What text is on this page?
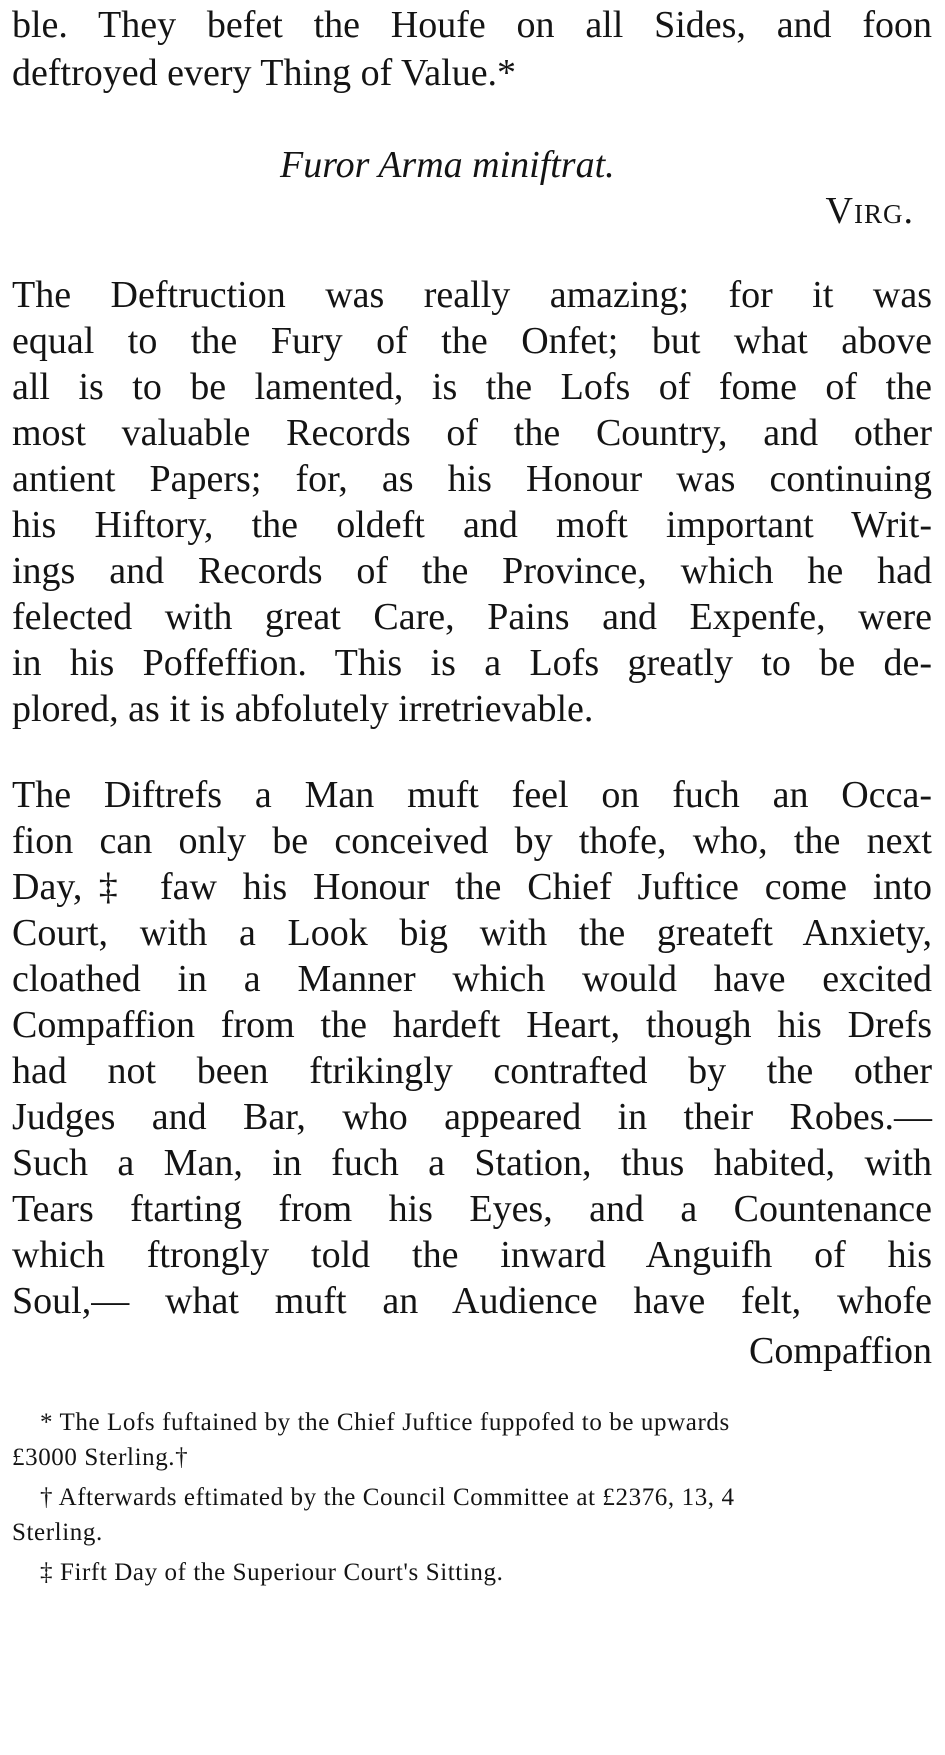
ble. They befet the Houfe on all Sides, and foon
deftroyed every Thing of Value.*
Furor Arma miniftrat.
Virg.
The Deftruction was really amazing; for it was
equal to the Fury of the Onfet; but what above
all is to be lamented, is the Lofs of fome of the
most valuable Records of the Country, and other
antient Papers; for, as his Honour was continuing
his Hiftory, the oldeft and moft important Writ-
ings and Records of the Province, which he had
felected with great Care, Pains and Expenfe, were
in his Poffeffion. This is a Lofs greatly to be de-
plored, as it is abfolutely irretrievable.
The Diftrefs a Man muft feel on fuch an Occa-
fion can only be conceived by thofe, who, the next
Day,‡ faw his Honour the Chief Juftice come into
Court, with a Look big with the greateft Anxiety,
cloathed in a Manner which would have excited
Compaffion from the hardeft Heart, though his Drefs
had not been ftrikingly contrafted by the other
Judges and Bar, who appeared in their Robes.—
Such a Man, in fuch a Station, thus habited, with
Tears ftarting from his Eyes, and a Countenance
which ftrongly told the inward Anguifh of his
Soul,— what muft an Audience have felt, whofe
Compaffion
* The Lofs fuftained by the Chief Juftice fuppofed to be upwards
£3000 Sterling.†
† Afterwards eftimated by the Council Committee at £2376, 13, 4
Sterling.
‡ Firft Day of the Superiour Court's Sitting.
